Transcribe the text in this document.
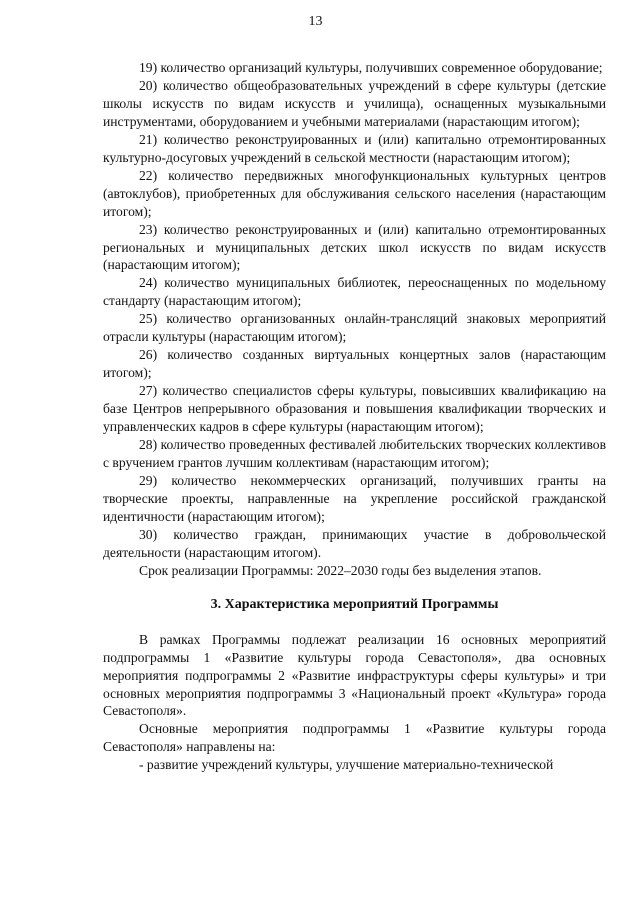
13

19) количество организаций культуры, получивших современное оборудование;

20) количество общеобразовательных учреждений в сфере культуры (детские школы искусств по видам искусств и училища), оснащенных музыкальными инструментами, оборудованием и учебными материалами (нарастающим итогом);

21) количество реконструированных и (или) капитально отремонтированных культурно-досуговых учреждений в сельской местности (нарастающим итогом);

22) количество передвижных многофункциональных культурных центров (автоклубов), приобретенных для обслуживания сельского населения (нарастающим итогом);

23) количество реконструированных и (или) капитально отремонтированных региональных и муниципальных детских школ искусств по видам искусств (нарастающим итогом);

24) количество муниципальных библиотек, переоснащенных по модельному стандарту (нарастающим итогом);

25) количество организованных онлайн-трансляций знаковых мероприятий отрасли культуры (нарастающим итогом);

26) количество созданных виртуальных концертных залов (нарастающим итогом);

27) количество специалистов сферы культуры, повысивших квалификацию на базе Центров непрерывного образования и повышения квалификации творческих и управленческих кадров в сфере культуры (нарастающим итогом);

28) количество проведенных фестивалей любительских творческих коллективов с вручением грантов лучшим коллективам (нарастающим итогом);

29) количество некоммерческих организаций, получивших гранты на творческие проекты, направленные на укрепление российской гражданской идентичности (нарастающим итогом);

30) количество граждан, принимающих участие в добровольческой деятельности (нарастающим итогом).

Срок реализации Программы: 2022–2030 годы без выделения этапов.

3. Характеристика мероприятий Программы

В рамках Программы подлежат реализации 16 основных мероприятий подпрограммы 1 «Развитие культуры города Севастополя», два основных мероприятия подпрограммы 2 «Развитие инфраструктуры сферы культуры» и три основных мероприятия подпрограммы 3 «Национальный проект «Культура» города Севастополя».

Основные мероприятия подпрограммы 1 «Развитие культуры города Севастополя» направлены на:

- развитие учреждений культуры, улучшение материально-технической
